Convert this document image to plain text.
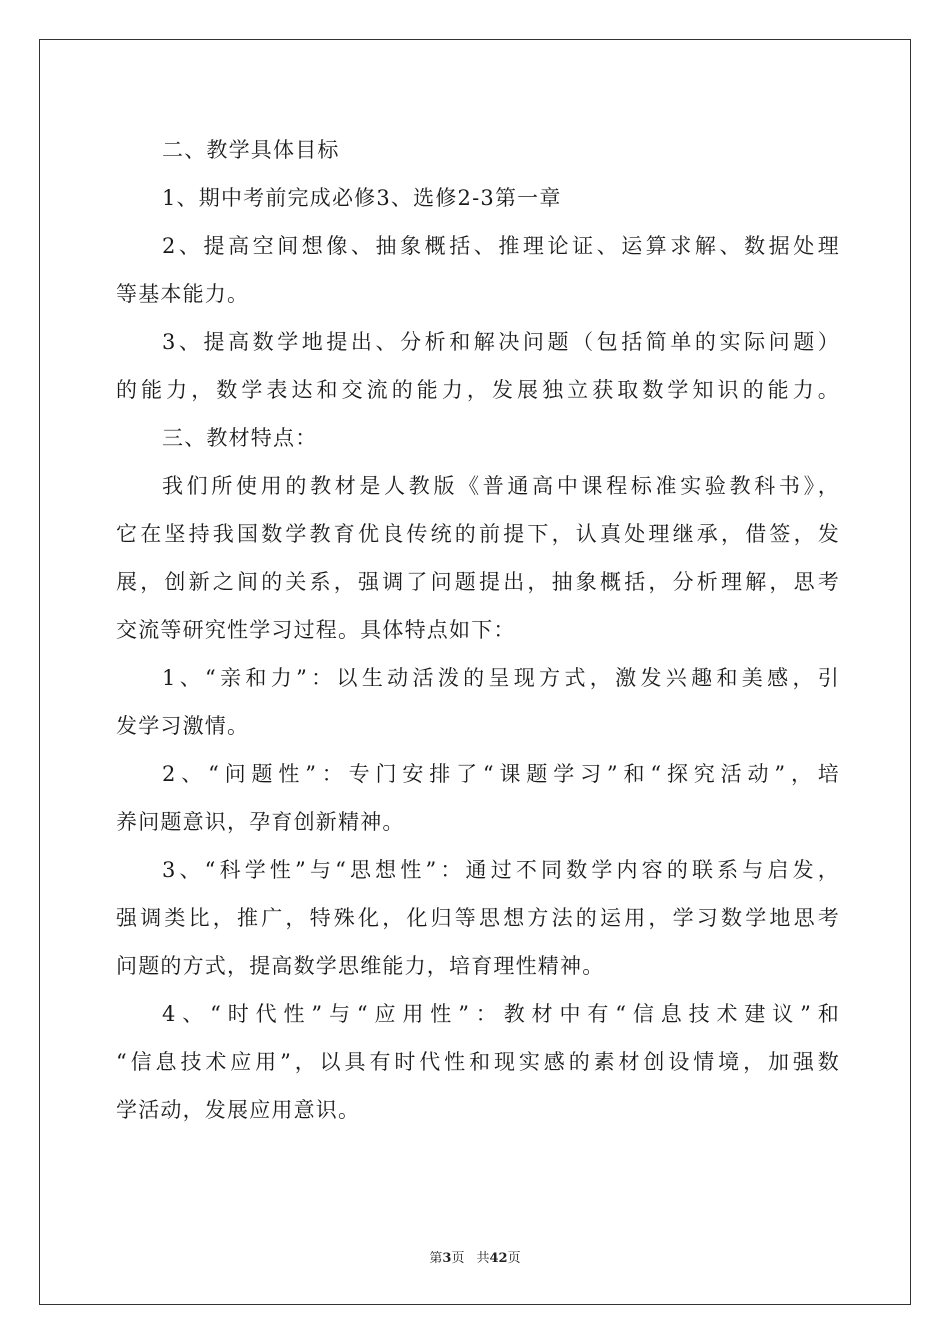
二、教学具体目标
1、期中考前完成必修3、选修2-3第一章
2、提高空间想像、抽象概括、推理论证、运算求解、数据处理
等基本能力。
3、提高数学地提出、分析和解决问题（包括简单的实际问题）
的能力，数学表达和交流的能力，发展独立获取数学知识的能力。
三、教材特点：
我们所使用的教材是人教版《普通高中课程标准实验教科书》，
它在坚持我国数学教育优良传统的前提下，认真处理继承，借签，发
展，创新之间的关系，强调了问题提出，抽象概括，分析理解，思考
交流等研究性学习过程。具体特点如下：
1、“亲和力”：以生动活泼的呈现方式，激发兴趣和美感，引
发学习激情。
2、“问题性”：专门安排了“课题学习”和“探究活动”，培
养问题意识，孕育创新精神。
3、“科学性”与“思想性”：通过不同数学内容的联系与启发，
强调类比，推广，特殊化，化归等思想方法的运用，学习数学地思考
问题的方式，提高数学思维能力，培育理性精神。
4、“时代性”与“应用性”：教材中有“信息技术建议”和
“信息技术应用”，以具有时代性和现实感的素材创设情境，加强数
学活动，发展应用意识。
第3页 共42页
